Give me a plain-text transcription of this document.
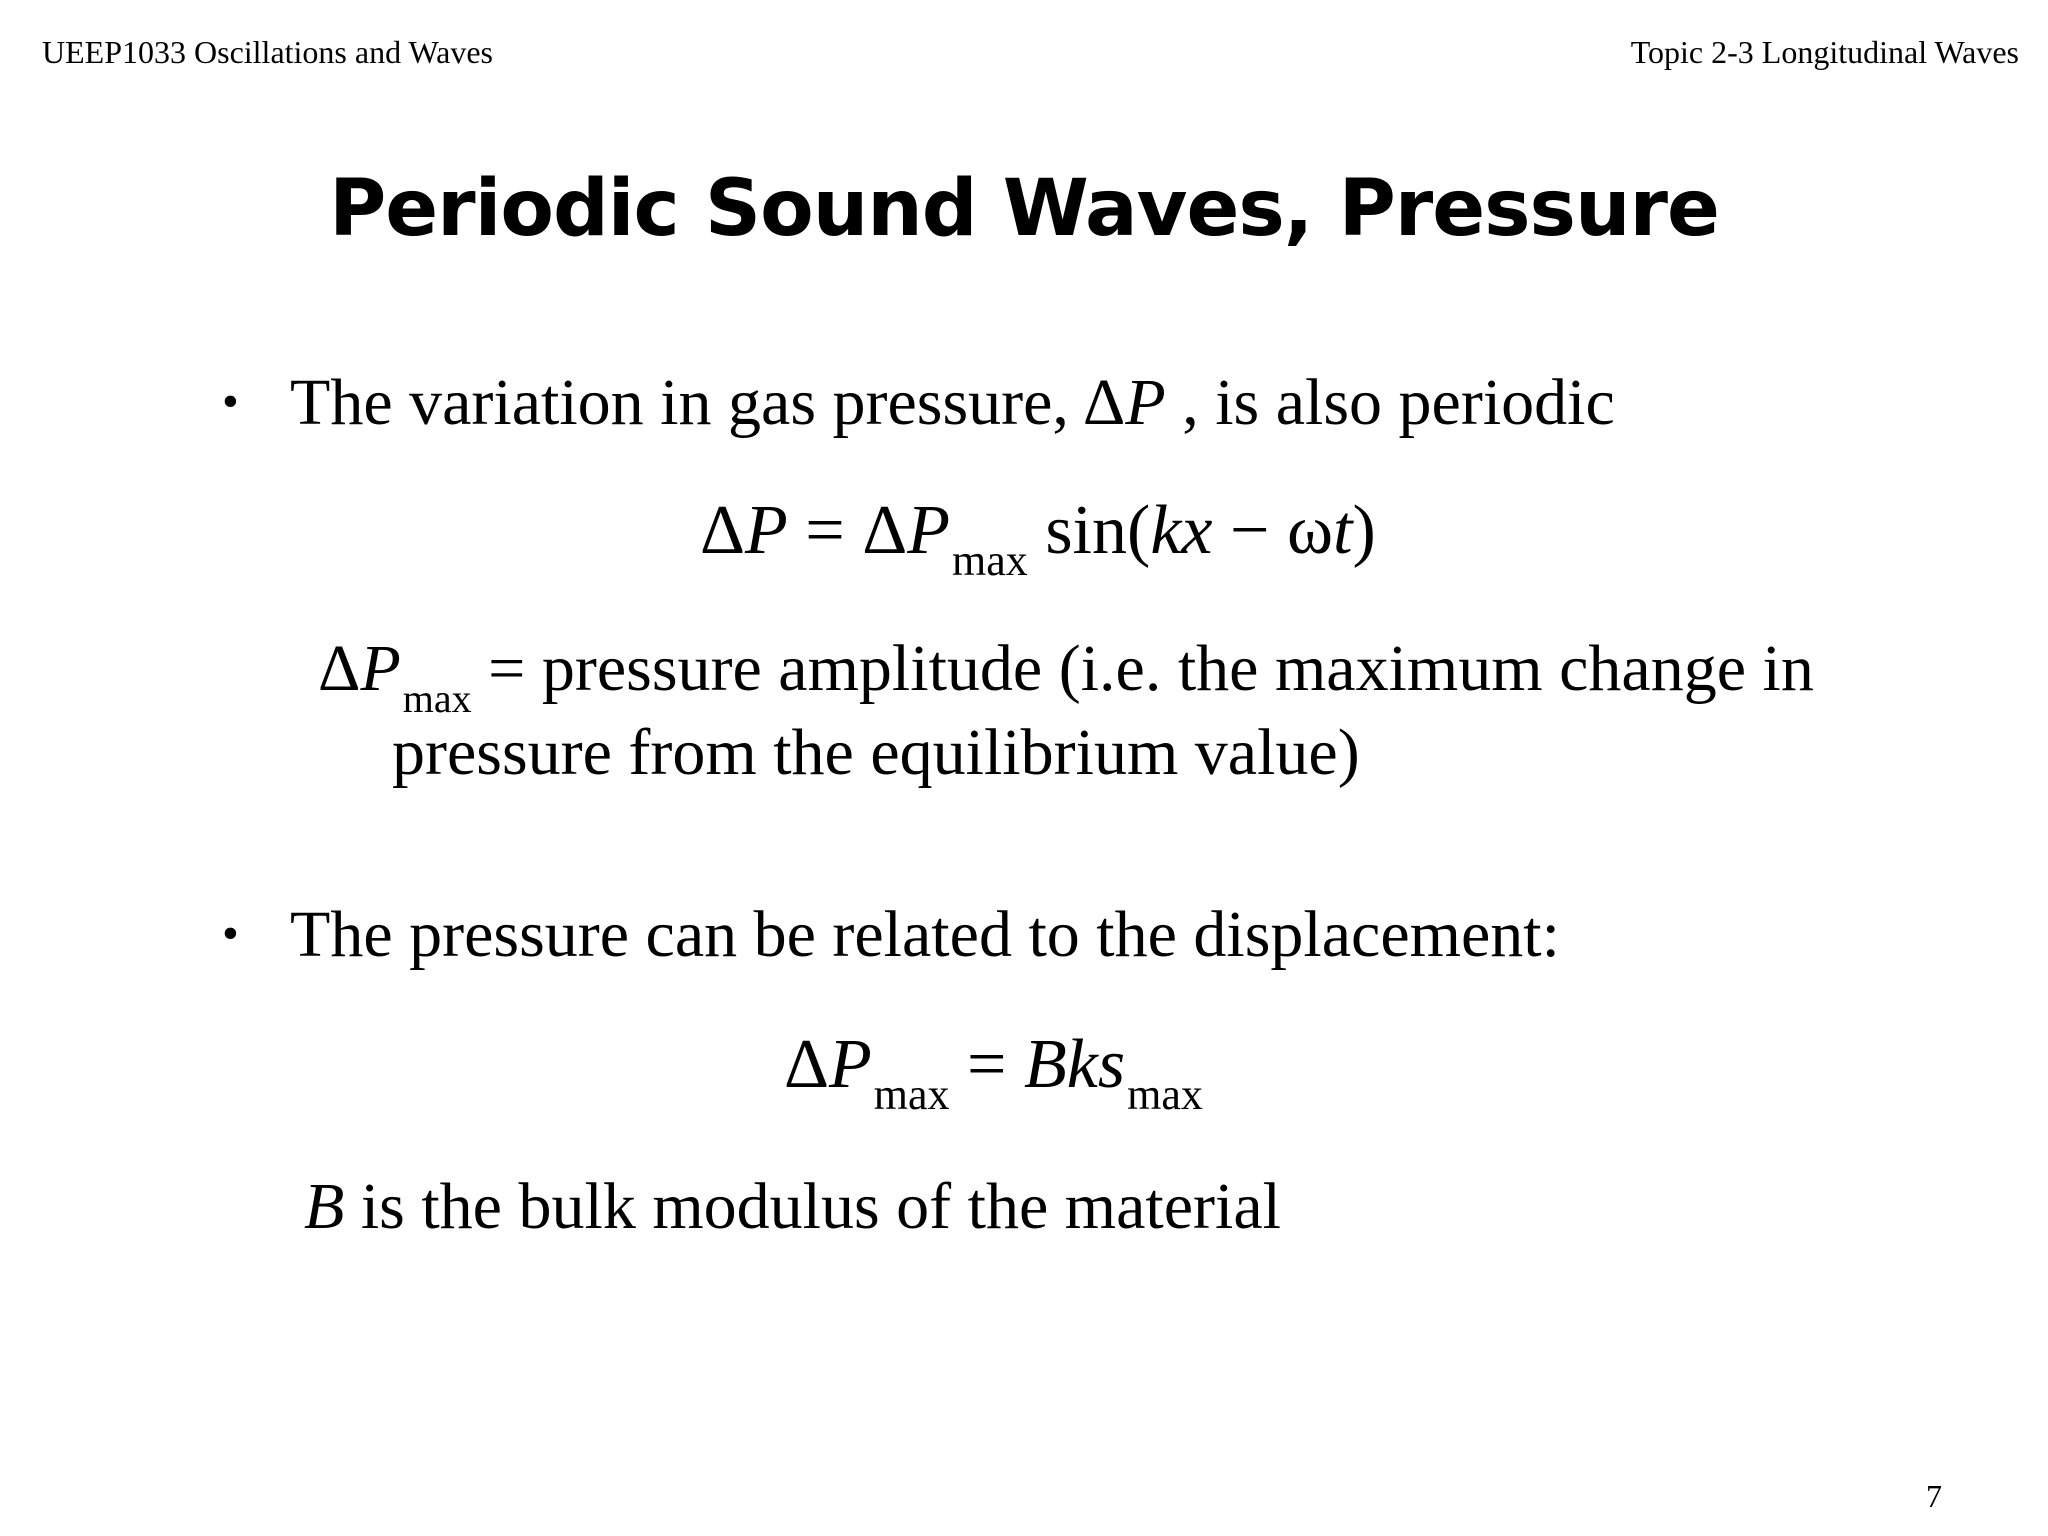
UEEP1033 Oscillations and Waves	Topic 2-3 Longitudinal Waves
Periodic Sound Waves, Pressure
• The variation in gas pressure, ΔP , is also periodic
$\Delta P = \Delta P_{max}$ sin(kx − ωt)
$\Delta P_{max}$ = pressure amplitude (i.e. the maximum change in
pressure from the equilibrium value)
• The pressure can be related to the displacement:
$\Delta P_{max} = Bks_{max}$
B is the bulk modulus of the material
7
